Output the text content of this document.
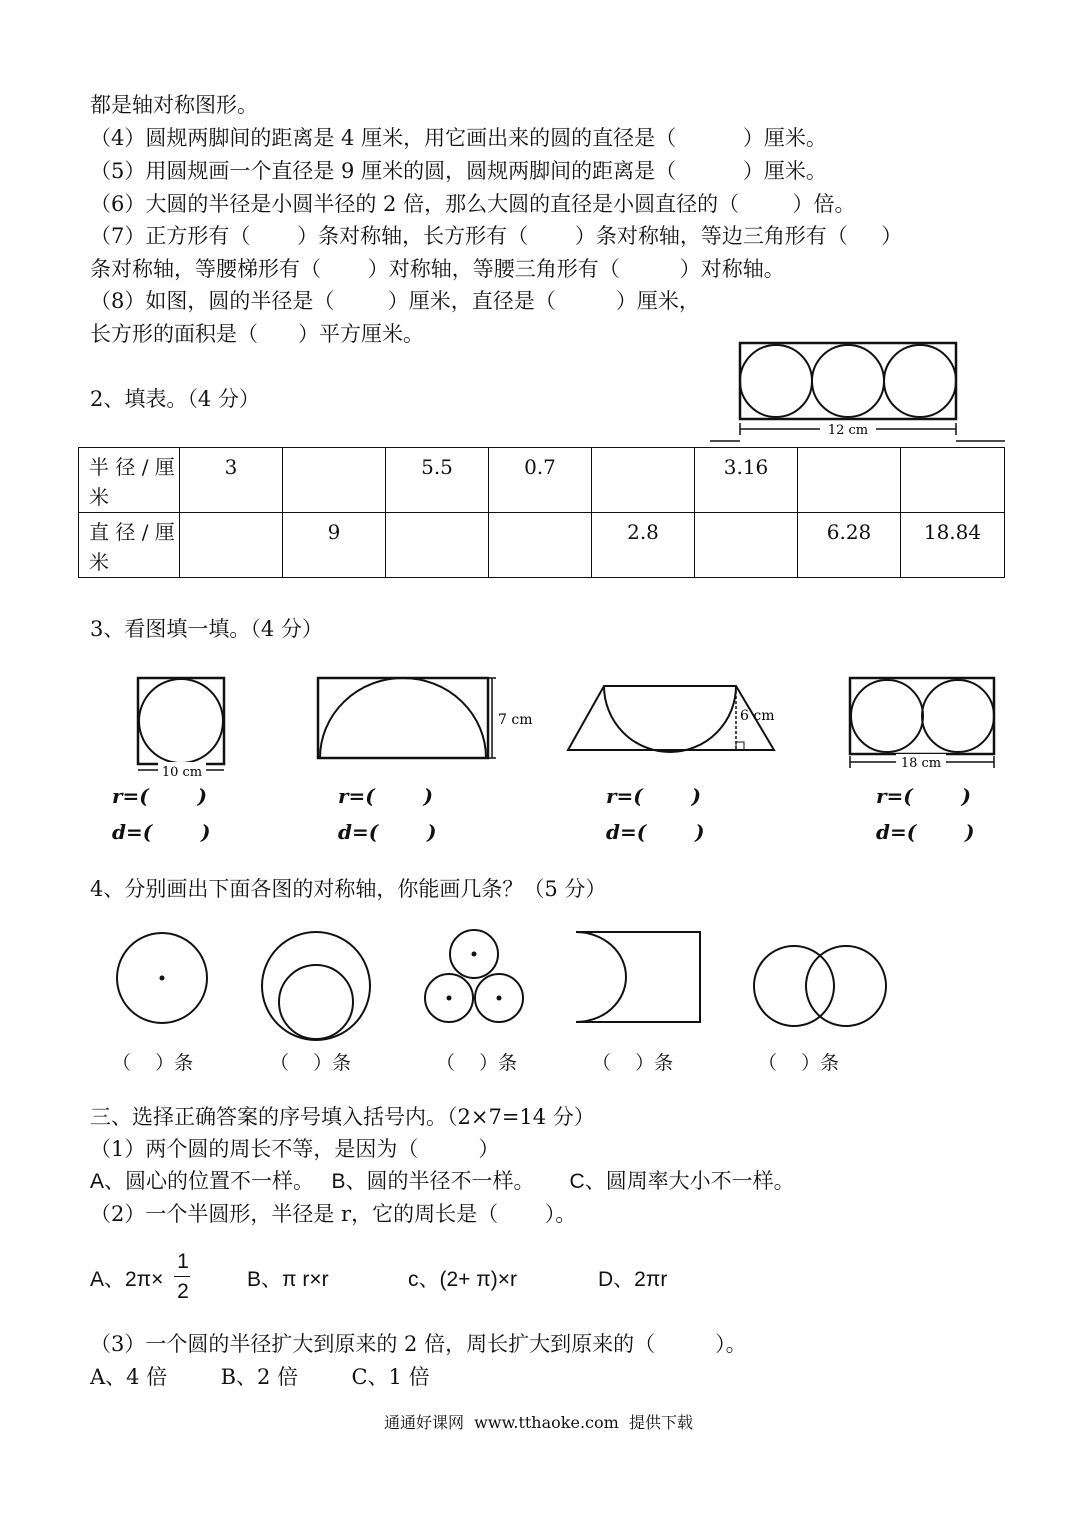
都是轴对称图形。
（4）圆规两脚间的距离是 4 厘米，用它画出来的圆的直径是（          ）厘米。
（5）用圆规画一个直径是 9 厘米的圆，圆规两脚间的距离是（          ）厘米。
（6）大圆的半径是小圆半径的 2 倍，那么大圆的直径是小圆直径的（        ）倍。
（7）正方形有（       ）条对称轴，长方形有（       ）条对称轴，等边三角形有（     ）
条对称轴，等腰梯形有（       ）对称轴，等腰三角形有（         ）对称轴。
（8）如图，圆的半径是（        ）厘米，直径是（         ）厘米，
长方形的面积是（      ）平方厘米。
12 cm
2、填表。（4 分）
半 径 / 厘米	3		5.5	0.7		3.16		
直 径 / 厘米		9			2.8		6.28	18.84
3、看图填一填。（4 分）
10 cm
7 cm	6 cm
18 cm
r=(       )
d=(       )
r=(       )
d=(       )
r=(       )
d=(       )
r=(       )
d=(       )
4、分别画出下面各图的对称轴，你能画几条？（5 分）
（    ）条	（    ）条	（    ）条	（    ）条	（    ）条
三、选择正确答案的序号填入括号内。（2×7=14 分）
（1）两个圆的周长不等，是因为（         ）
A、圆心的位置不一样。   B、圆的半径不一样。      C、圆周率大小不一样。
（2）一个半圆形，半径是 r，它的周长是（       ）。
A、2π×
1
2
B、π r×r	c、(2+ π)×r	D、2πr
（3）一个圆的半径扩大到原来的 2 倍，周长扩大到原来的（         ）。
A、4 倍        B、2 倍        C、1 倍
通通好课网  www.tthaoke.com  提供下载
